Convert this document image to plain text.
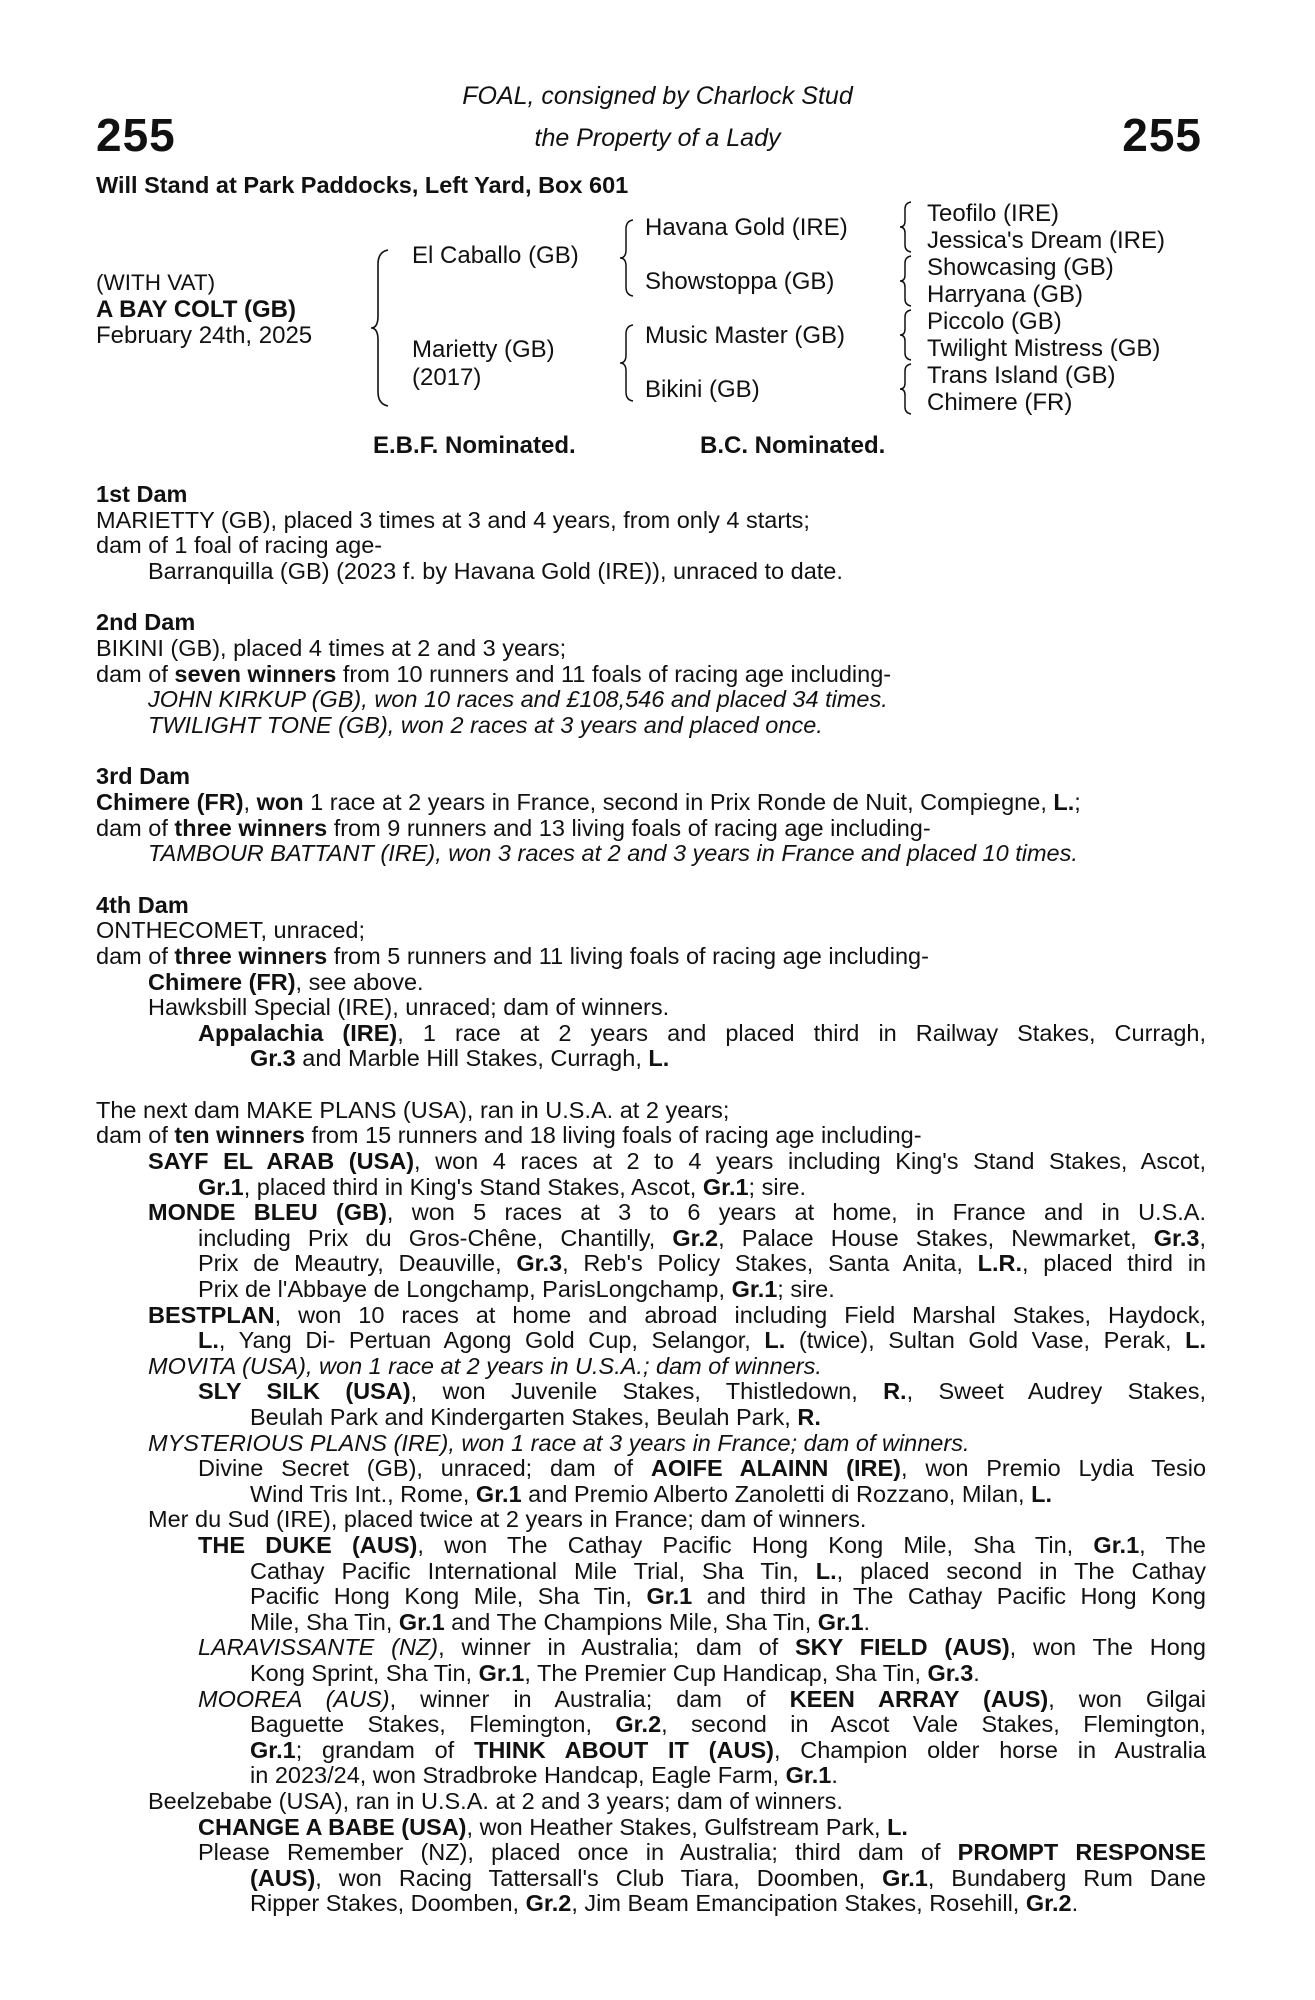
255	255
FOAL, consigned by Charlock Stud
the Property of a Lady
Will Stand at Park Paddocks, Left Yard, Box 601
(WITH VAT)
A BAY COLT (GB)
February 24th, 2025
El Caballo (GB)
Marietty (GB)
(2017)
Havana Gold (IRE)
Showstoppa (GB)
Music Master (GB)
Bikini (GB)
Teofilo (IRE)
Jessica's Dream (IRE)
Showcasing (GB)
Harryana (GB)
Piccolo (GB)
Twilight Mistress (GB)
Trans Island (GB)
Chimere (FR)
E.B.F. Nominated.	B.C. Nominated.
1st Dam
MARIETTY (GB), placed 3 times at 3 and 4 years, from only 4 starts;
dam of 1 foal of racing age-
Barranquilla (GB) (2023 f. by Havana Gold (IRE)), unraced to date.
2nd Dam
BIKINI (GB), placed 4 times at 2 and 3 years;
dam of seven winners from 10 runners and 11 foals of racing age including-
JOHN KIRKUP (GB), won 10 races and £108,546 and placed 34 times.
TWILIGHT TONE (GB), won 2 races at 3 years and placed once.
3rd Dam
Chimere (FR), won 1 race at 2 years in France, second in Prix Ronde de Nuit, Compiegne, L.;
dam of three winners from 9 runners and 13 living foals of racing age including-
TAMBOUR BATTANT (IRE), won 3 races at 2 and 3 years in France and placed 10 times.
4th Dam
ONTHECOMET, unraced;
dam of three winners from 5 runners and 11 living foals of racing age including-
Chimere (FR), see above.
Hawksbill Special (IRE), unraced; dam of winners.
Appalachia (IRE), 1 race at 2 years and placed third in Railway Stakes, Curragh,
Gr.3 and Marble Hill Stakes, Curragh, L.
The next dam MAKE PLANS (USA), ran in U.S.A. at 2 years;
dam of ten winners from 15 runners and 18 living foals of racing age including-
SAYF EL ARAB (USA), won 4 races at 2 to 4 years including King's Stand Stakes, Ascot,
Gr.1, placed third in King's Stand Stakes, Ascot, Gr.1; sire.
MONDE BLEU (GB), won 5 races at 3 to 6 years at home, in France and in U.S.A.
including Prix du Gros-Chêne, Chantilly, Gr.2, Palace House Stakes, Newmarket, Gr.3,
Prix de Meautry, Deauville, Gr.3, Reb's Policy Stakes, Santa Anita, L.R., placed third in
Prix de l'Abbaye de Longchamp, ParisLongchamp, Gr.1; sire.
BESTPLAN, won 10 races at home and abroad including Field Marshal Stakes, Haydock,
L., Yang Di- Pertuan Agong Gold Cup, Selangor, L. (twice), Sultan Gold Vase, Perak, L.
MOVITA (USA), won 1 race at 2 years in U.S.A.; dam of winners.
SLY SILK (USA), won Juvenile Stakes, Thistledown, R., Sweet Audrey Stakes,
Beulah Park and Kindergarten Stakes, Beulah Park, R.
MYSTERIOUS PLANS (IRE), won 1 race at 3 years in France; dam of winners.
Divine Secret (GB), unraced; dam of AOIFE ALAINN (IRE), won Premio Lydia Tesio
Wind Tris Int., Rome, Gr.1 and Premio Alberto Zanoletti di Rozzano, Milan, L.
Mer du Sud (IRE), placed twice at 2 years in France; dam of winners.
THE DUKE (AUS), won The Cathay Pacific Hong Kong Mile, Sha Tin, Gr.1, The
Cathay Pacific International Mile Trial, Sha Tin, L., placed second in The Cathay
Pacific Hong Kong Mile, Sha Tin, Gr.1 and third in The Cathay Pacific Hong Kong
Mile, Sha Tin, Gr.1 and The Champions Mile, Sha Tin, Gr.1.
LARAVISSANTE (NZ), winner in Australia; dam of SKY FIELD (AUS), won The Hong
Kong Sprint, Sha Tin, Gr.1, The Premier Cup Handicap, Sha Tin, Gr.3.
MOOREA (AUS), winner in Australia; dam of KEEN ARRAY (AUS), won Gilgai
Baguette Stakes, Flemington, Gr.2, second in Ascot Vale Stakes, Flemington,
Gr.1; grandam of THINK ABOUT IT (AUS), Champion older horse in Australia
in 2023/24, won Stradbroke Handcap, Eagle Farm, Gr.1.
Beelzebabe (USA), ran in U.S.A. at 2 and 3 years; dam of winners.
CHANGE A BABE (USA), won Heather Stakes, Gulfstream Park, L.
Please Remember (NZ), placed once in Australia; third dam of PROMPT RESPONSE
(AUS), won Racing Tattersall's Club Tiara, Doomben, Gr.1, Bundaberg Rum Dane
Ripper Stakes, Doomben, Gr.2, Jim Beam Emancipation Stakes, Rosehill, Gr.2.
